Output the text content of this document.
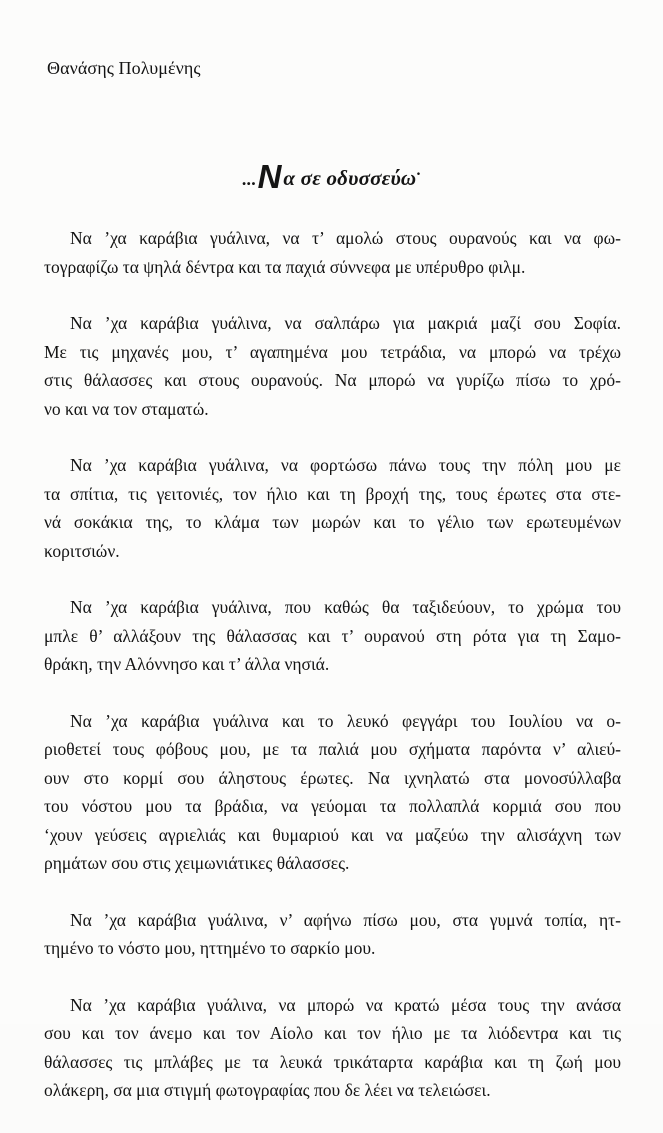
Θανάσης Πολυμένης
...N α σε οδυσσεύω·

Να ’χα καράβια γυάλινα, να τ’ αμολώ στους ουρανούς και να φω-
τογραφίζω τα ψηλά δέντρα και τα παχιά σύννεφα με υπέρυθρο φιλμ.

Να ’χα καράβια γυάλινα, να σαλπάρω για μακριά μαζί σου Σοφία.
Με τις μηχανές μου, τ’ αγαπημένα μου τετράδια, να μπορώ να τρέχω
στις θάλασσες και στους ουρανούς. Να μπορώ να γυρίζω πίσω το χρό-
νο και να τον σταματώ.

Να ’χα καράβια γυάλινα, να φορτώσω πάνω τους την πόλη μου με
τα σπίτια, τις γειτονιές, τον ήλιο και τη βροχή της, τους έρωτες στα στε-
νά σοκάκια της, το κλάμα των μωρών και το γέλιο των ερωτευμένων
κοριτσιών.

Να ’χα καράβια γυάλινα, που καθώς θα ταξιδεύουν, το χρώμα του
μπλε θ’ αλλάξουν της θάλασσας και τ’ ουρανού στη ρότα για τη Σαμο-
θράκη, την Αλόννησο και τ’ άλλα νησιά.

Να ’χα καράβια γυάλινα και το λευκό φεγγάρι του Ιουλίου να ο-
ριοθετεί τους φόβους μου, με τα παλιά μου σχήματα παρόντα ν’ αλιεύ-
ουν στο κορμί σου άληστους έρωτες. Να ιχνηλατώ στα μονοσύλλαβα
του νόστου μου τα βράδια, να γεύομαι τα πολλαπλά κορμιά σου που
‘χουν γεύσεις αγριελιάς και θυμαριού και να μαζεύω την αλισάχνη των
ρημάτων σου στις χειμωνιάτικες θάλασσες.

Να ’χα καράβια γυάλινα, ν’ αφήνω πίσω μου, στα γυμνά τοπία, ητ-
τημένο το νόστο μου, ηττημένο το σαρκίο μου.

Να ’χα καράβια γυάλινα, να μπορώ να κρατώ μέσα τους την ανάσα
σου και τον άνεμο και τον Αίολο και τον ήλιο με τα λιόδεντρα και τις
θάλασσες τις μπλάβες με τα λευκά τρικάταρτα καράβια και τη ζωή μου
ολάκερη, σα μια στιγμή φωτογραφίας που δε λέει να τελειώσει.
